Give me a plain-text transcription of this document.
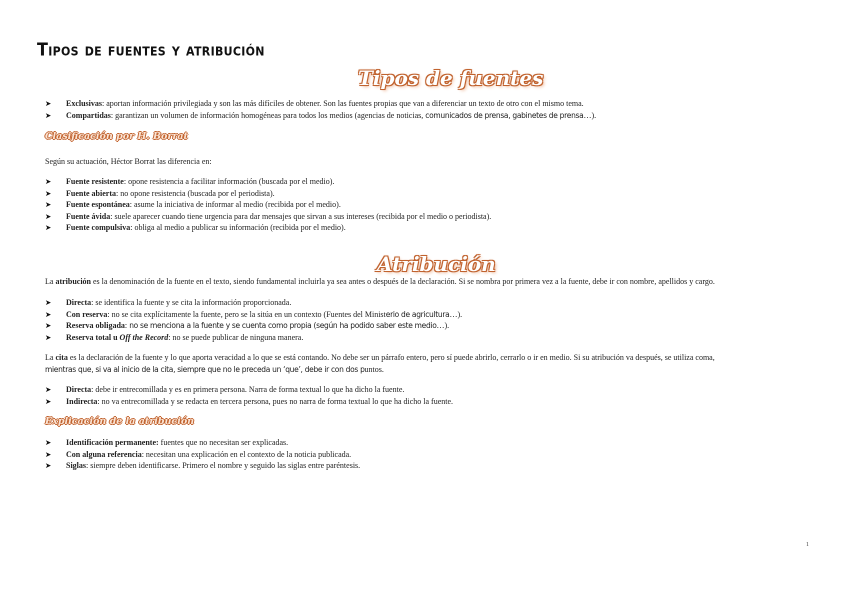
Tipos de fuentes y atribución
Tipos de fuentes
➤ Exclusivas: aportan información privilegiada y son las más difíciles de obtener. Son las fuentes propias que van a diferenciar un texto de otro con el mismo tema.
➤ Compartidas: garantizan un volumen de información homogéneas para todos los medios (agencias de noticias, comunicados de prensa, gabinetes de prensa…).
Clasificación por H. Borrat

Según su actuación, Héctor Borrat las diferencia en:

➤ Fuente resistente: opone resistencia a facilitar información (buscada por el medio).
➤ Fuente abierta: no opone resistencia (buscada por el periodista).
➤ Fuente espontánea: asume la iniciativa de informar al medio (recibida por el medio).
➤ Fuente ávida: suele aparecer cuando tiene urgencia para dar mensajes que sirvan a sus intereses (recibida por el medio o periodista).
➤ Fuente compulsiva: obliga al medio a publicar su información (recibida por el medio).
Atribución

La atribución es la denominación de la fuente en el texto, siendo fundamental incluirla ya sea antes o después de la declaración. Si se nombra por primera vez a la fuente, debe ir con nombre, apellidos y cargo.

➤ Directa: se identifica la fuente y se cita la información proporcionada.
➤ Con reserva: no se cita explícitamente la fuente, pero se la sitúa en un contexto (Fuentes del Ministerio de agricultura…).
➤ Reserva obligada: no se menciona a la fuente y se cuenta como propia (según ha podido saber este medio…).
➤ Reserva total u Off the Record: no se puede publicar de ninguna manera.

La cita es la declaración de la fuente y lo que aporta veracidad a lo que se está contando. No debe ser un párrafo entero, pero sí puede abrirlo, cerrarlo o ir en medio. Si su atribución va después, se utiliza coma,
mientras que, si va al inicio de la cita, siempre que no le preceda un ‘que’, debe ir con dos puntos.

➤ Directa: debe ir entrecomillada y es en primera persona. Narra de forma textual lo que ha dicho la fuente.
➤ Indirecta: no va entrecomillada y se redacta en tercera persona, pues no narra de forma textual lo que ha dicho la fuente.
Explicación de la atribución
➤ Identificación permanente: fuentes que no necesitan ser explicadas.
➤ Con alguna referencia: necesitan una explicación en el contexto de la noticia publicada.
➤ Siglas: siempre deben identificarse. Primero el nombre y seguido las siglas entre paréntesis.
1
